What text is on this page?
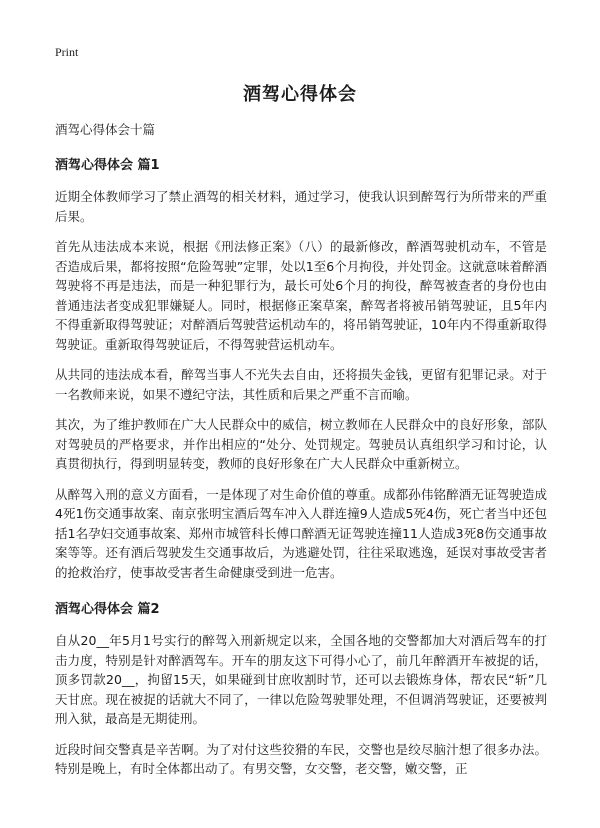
Print
酒驾心得体会
酒驾心得体会十篇
酒驾心得体会 篇1

近期全体教师学习了禁止酒驾的相关材料，通过学习，使我认识到醉驾行为所带来的严重后果。

首先从违法成本来说，根据《刑法修正案》（八）的最新修改，醉酒驾驶机动车，不管是否造成后果，都将按照“危险驾驶”定罪，处以1至6个月拘役，并处罚金。这就意味着醉酒驾驶将不再是违法，而是一种犯罪行为，最长可处6个月的拘役，醉驾被查者的身份也由普通违法者变成犯罪嫌疑人。同时，根据修正案草案，醉驾者将被吊销驾驶证，且5年内不得重新取得驾驶证；对醉酒后驾驶营运机动车的，将吊销驾驶证，10年内不得重新取得驾驶证。重新取得驾驶证后，不得驾驶营运机动车。

从共同的违法成本看，醉驾当事人不光失去自由，还将损失金钱，更留有犯罪记录。对于一名教师来说，如果不遵纪守法，其性质和后果之严重不言而喻。

其次，为了维护教师在广大人民群众中的威信，树立教师在人民群众中的良好形象，部队对驾驶员的严格要求，并作出相应的“处分、处罚规定。驾驶员认真组织学习和讨论，认真贯彻执行，得到明显转变，教师的良好形象在广大人民群众中重新树立。

从醉驾入刑的意义方面看，一是体现了对生命价值的尊重。成都孙伟铭醉酒无证驾驶造成4死1伤交通事故案、南京张明宝酒后驾车冲入人群连撞9人造成5死4伤，死亡者当中还包括1名孕妇交通事故案、郑州市城管科长傅口醉酒无证驾驶连撞11人造成3死8伤交通事故案等等。还有酒后驾驶发生交通事故后，为逃避处罚，往往采取逃逸，延误对事故受害者的抢救治疗，使事故受害者生命健康受到进一危害。

酒驾心得体会 篇2

自从20__年5月1号实行的醉驾入刑新规定以来，全国各地的交警都加大对酒后驾车的打击力度，特别是针对醉酒驾车。开车的朋友这下可得小心了，前几年醉酒开车被捉的话，顶多罚款20__，拘留15天，如果碰到甘庶收割时节，还可以去锻炼身体，帮农民“斩”几天甘庶。现在被捉的话就大不同了，一律以危险驾驶罪处理，不但调消驾驶证，还要被判刑入狱，最高是无期徒刑。

近段时间交警真是辛苦啊。为了对付这些狡猾的车民，交警也是绞尽脑汁想了很多办法。特别是晚上，有时全体都出动了。有男交警，女交警，老交警，嫩交警，正
